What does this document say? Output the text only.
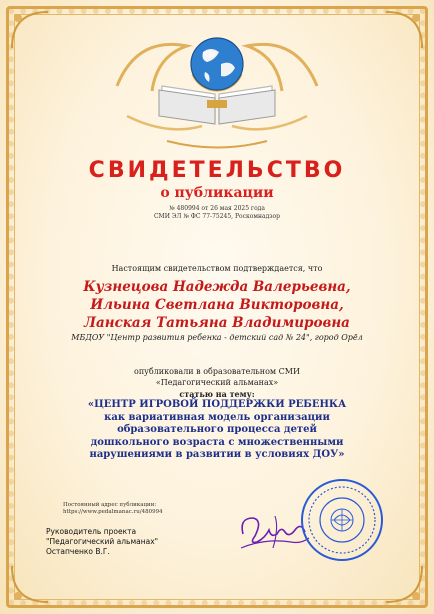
СВИДЕТЕЛЬСТВО
о публикации
№ 480994 от 26 мая 2025 года
СМИ ЭЛ № ФС 77-75245, Роскомнадзор
Настоящим свидетельством подтверждается, что
Кузнецова Надежда Валерьевна,
Ильина Светлана Викторовна,
Ланская Татьяна Владимировна
МБДОУ "Центр развития ребенка - детский сад № 24", город Орёл
опубликовали в образовательном СМИ
«Педагогический альманах»
статью на тему:
«ЦЕНТР ИГРОВОЙ ПОДДЕРЖКИ РЕБЕНКА как вариативная модель организации образовательного процесса детей дошкольного возраста с множественными нарушениями в развитии в условиях ДОУ»
Постоянный адрес публикации:
https://www.pedalmanac.ru/480994
Руководитель проекта
"Педагогический альманах"
Остапченко В.Г.
